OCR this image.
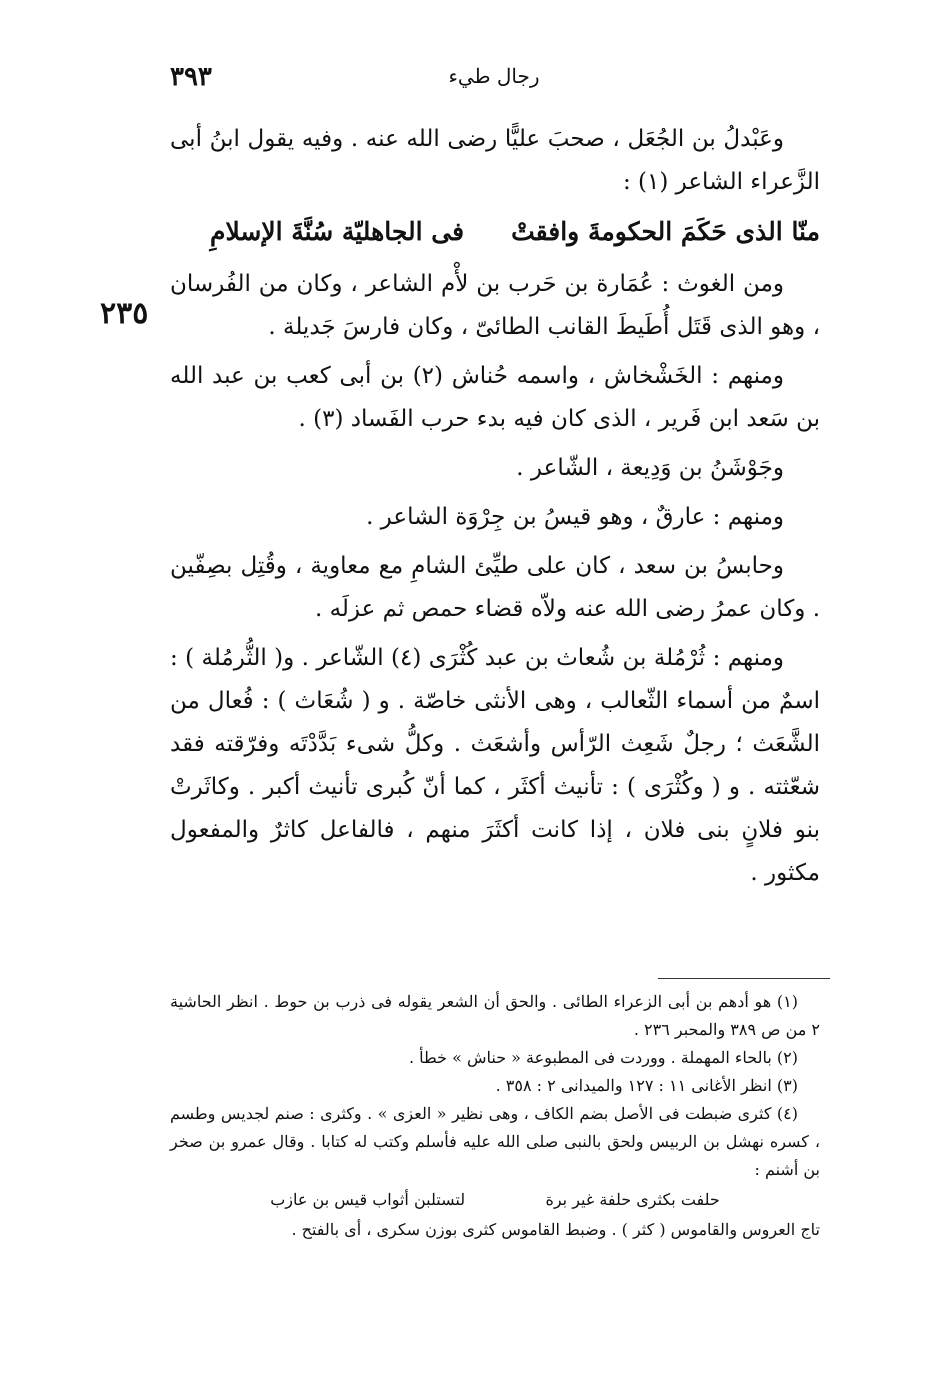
رجال طيء
٣٩٣
٢٣٥

وعَبْدلُ بن الجُعَل ، صحبَ عليًّا رضى الله عنه . وفيه يقول ابنُ أبى الزَّعراء الشاعر (١) :

منّا الذى حَكَمَ الحكومةَ وافقتْ
فى الجاهليّة سُنَّةَ الإسلامِ

ومن الغوث : عُمَارة بن حَرب بن لأْم الشاعر ، وكان من الفُرسان ، وهو الذى قَتَل أُطَيطَ القانب الطائىّ ، وكان فارسَ جَديلة .

ومنهم : الخَشْخاش ، واسمه حُناش (٢) بن أبى كعب بن عبد الله بن سَعد ابن فَرير ، الذى كان فيه بدء حرب الفَساد (٣) .

وجَوْشَنُ بن وَدِيعة ، الشّاعر .

ومنهم : عارقٌ ، وهو قيسُ بن جِرْوَة الشاعر .

وحابسُ بن سعد ، كان على طيِّئ الشامِ مع معاوية ، وقُتِل بصِفّين . وكان عمرُ رضى الله عنه ولاّه قضاء حمص ثم عزلَه .

ومنهم : ثُرْمُلة بن شُعاث بن عبد كُثْرَى (٤) الشّاعر . و( الثُّرمُلة ) : اسمٌ من أسماء الثّعالب ، وهى الأنثى خاصّة . و ( شُعَاث ) : فُعال من الشَّعَث ؛ رجلٌ شَعِث الرّأس وأشعَث . وكلُّ شىء بَدَّدْتَه وفرّقته فقد شعّثته . و ( وكُثْرَى ) : تأنيث أكثَر ، كما أنّ كُبرى تأنيث أكبر . وكاثَرتْ بنو فلانٍ بنى فلان ، إذا كانت أكثَرَ منهم ، فالفاعل كاثرٌ والمفعول مكثور .

(١) هو أدهم بن أبى الزعراء الطائى . والحق أن الشعر يقوله فى ذرب بن حوط . انظر الحاشية ٢ من ص ٣٨٩ والمحبر ٢٣٦ .

(٢) بالحاء المهملة . ووردت فى المطبوعة « حناش » خطأ .

(٣) انظر الأغانى ١١ : ١٢٧ والميدانى ٢ : ٣٥٨ .

(٤) كثرى ضبطت فى الأصل بضم الكاف ، وهى نظير « العزى » . وكثرى : صنم لجديس وطسم ، كسره نهشل بن الربيس ولحق بالنبى صلى الله عليه فأسلم وكتب له كتابا . وقال عمرو بن صخر بن أشنم :

حلفت بكثرى حلفة غير برة
لتستلبن أثواب قيس بن عازب

تاج العروس والقاموس ( كثر ) . وضبط القاموس كثرى بوزن سكرى ، أى بالفتح .
